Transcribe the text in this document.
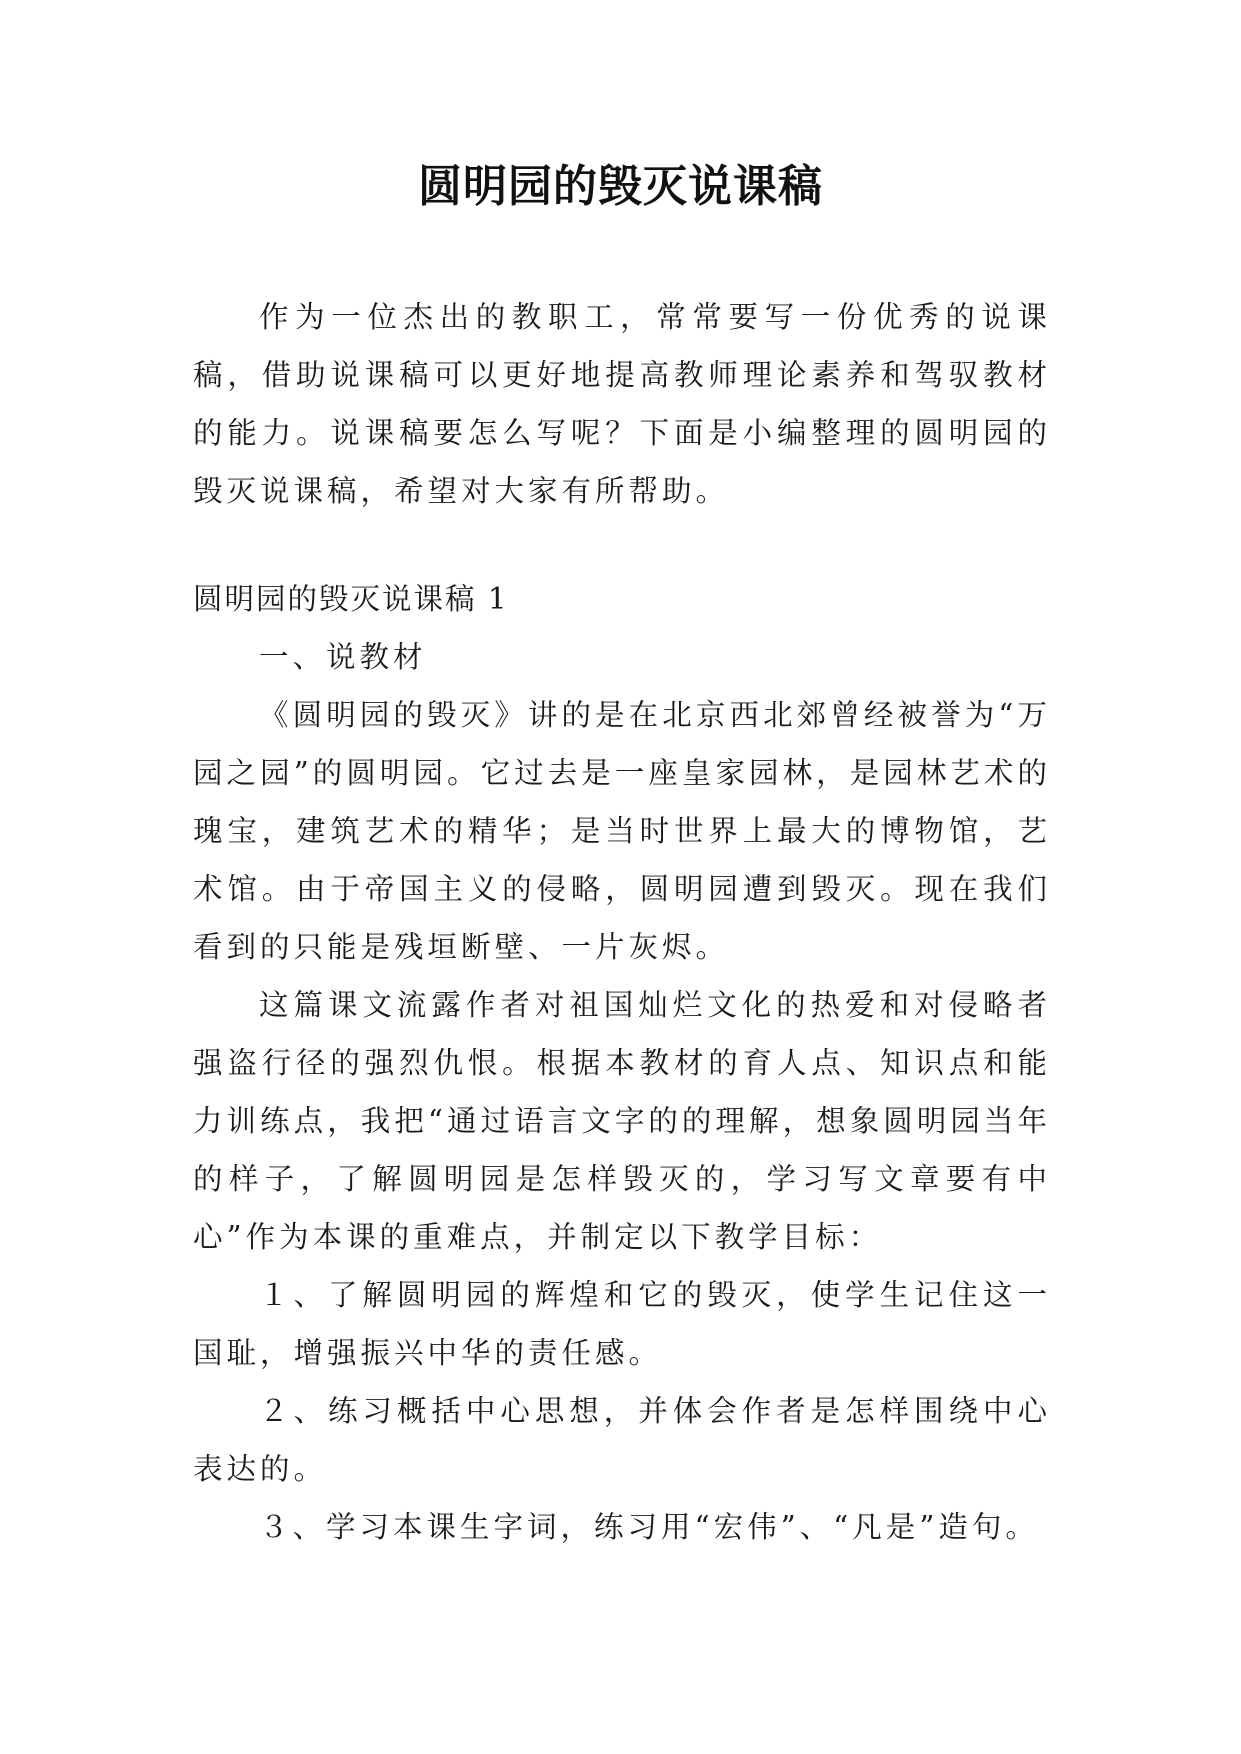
圆明园的毁灭说课稿

作为一位杰出的教职工，常常要写一份优秀的说课稿，借助说课稿可以更好地提高教师理论素养和驾驭教材的能力。说课稿要怎么写呢？下面是小编整理的圆明园的毁灭说课稿，希望对大家有所帮助。

圆明园的毁灭说课稿 1

一、说教材

《圆明园的毁灭》讲的是在北京西北郊曾经被誉为“万园之园”的圆明园。它过去是一座皇家园林，是园林艺术的瑰宝，建筑艺术的精华；是当时世界上最大的博物馆，艺术馆。由于帝国主义的侵略，圆明园遭到毁灭。现在我们看到的只能是残垣断壁、一片灰烬。

这篇课文流露作者对祖国灿烂文化的热爱和对侵略者强盗行径的强烈仇恨。根据本教材的育人点、知识点和能力训练点，我把“通过语言文字的的理解，想象圆明园当年的样子，了解圆明园是怎样毁灭的，学习写文章要有中心”作为本课的重难点，并制定以下教学目标：

１、了解圆明园的辉煌和它的毁灭，使学生记住这一国耻，增强振兴中华的责任感。

２、练习概括中心思想，并体会作者是怎样围绕中心表达的。

３、学习本课生字词，练习用“宏伟”、“凡是”造句。
